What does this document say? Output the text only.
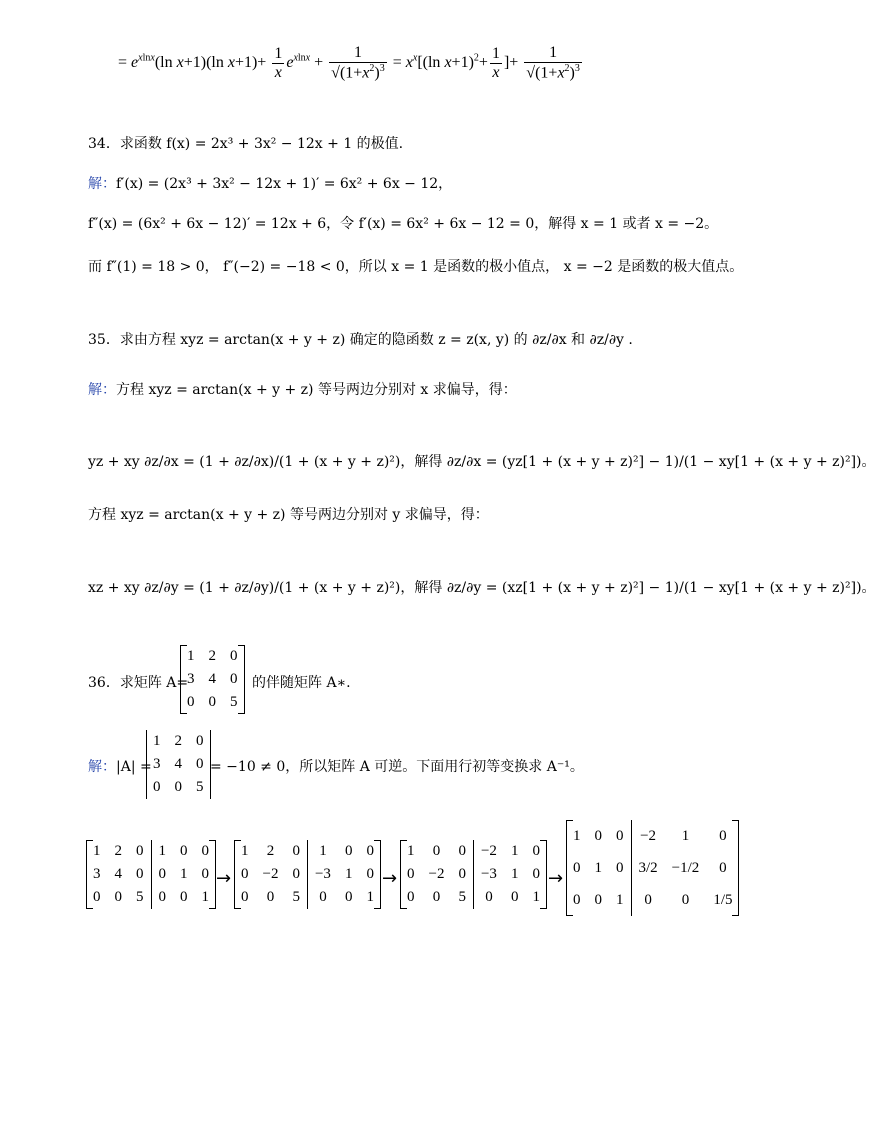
= $e^{xlnx}(\ln$ x+1)(ln $x+1)+ \frac{1}{x} e^{xlnx} + \frac{1}{√(1+x^2)^3} = x^x[(\ln$ $x+1)^2+ \frac{1}{x}$ ]+ $\frac{1}{√(1+x^2)^3}$
34．求函数 f(x) = 2x³ + 3x² − 12x + 1 的极值.
解：f′(x) = (2x³ + 3x² − 12x + 1)′ = 6x² + 6x − 12，
f″(x) = (6x² + 6x − 12)′ = 12x + 6，令 f′(x) = 6x² + 6x − 12 = 0，解得 x = 1 或者 x = −2。
而 f″(1) = 18 > 0， f″(−2) = −18 < 0，所以 x = 1 是函数的极小值点， x = −2 是函数的极大值点。
35．求由方程 xyz = arctan(x + y + z) 确定的隐函数 z = z(x, y) 的 ∂z/∂x 和 ∂z/∂y .
解：方程 xyz = arctan(x + y + z) 等号两边分别对 x 求偏导，得：
yz + xy ∂z/∂x = (1 + ∂z/∂x)/(1 + (x + y + z)²)，解得 ∂z/∂x = (yz[1 + (x + y + z)²] − 1)/(1 − xy[1 + (x + y + z)²])。
方程 xyz = arctan(x + y + z) 等号两边分别对 y 求偏导，得：
xz + xy ∂z/∂y = (1 + ∂z/∂y)/(1 + (x + y + z)²)，解得 ∂z/∂y = (xz[1 + (x + y + z)²] − 1)/(1 − xy[1 + (x + y + z)²])。
36．求矩阵 A=
1	2	0
3	4	0
0	0	5
的伴随矩阵 A∗.
解：|A| =
1	2	0
3	4	0
0	0	5
= −10 ≠ 0，所以矩阵 A 可逆。下面用行初等变换求 A⁻¹。
1	2	0	1	0	0
3	4	0	0	1	0
0	0	5	0	0	1
→
1	2	0	1	0	0
0	−2	0	−3	1	0
0	0	5	0	0	1
→
1	0	0	−2	1	0
0	−2	0	−3	1	0
0	0	5	0	0	1
→
1	0	0	−2	1	0
0	1	0	3/2	−1/2	0
0	0	1	0	0	1/5
